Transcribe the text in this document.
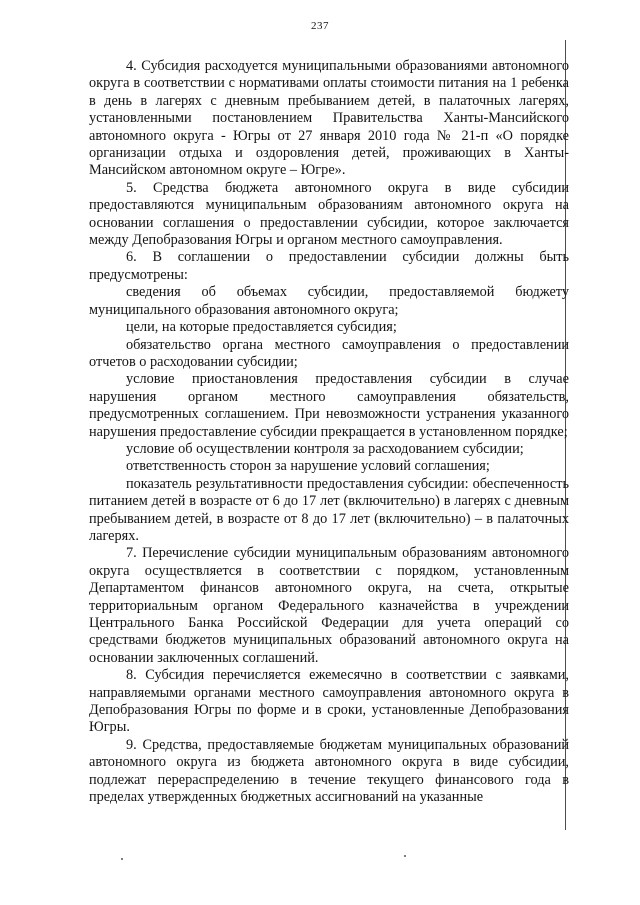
237

4. Субсидия расходуется муниципальными образованиями автономного округа в соответствии с нормативами оплаты стоимости питания на 1 ребенка в день в лагерях с дневным пребыванием детей, в палаточных лагерях, установленными постановлением Правительства Ханты-Мансийского автономного округа - Югры от 27 января 2010 года № 21-п «О порядке организации отдыха и оздоровления детей, проживающих в Ханты-Мансийском автономном округе – Югре».

5. Средства бюджета автономного округа в виде субсидии предоставляются муниципальным образованиям автономного округа на основании соглашения о предоставлении субсидии, которое заключается между Депобразования Югры и органом местного самоуправления.

6. В соглашении о предоставлении субсидии должны быть предусмотрены:

сведения об объемах субсидии, предоставляемой бюджету муниципального образования автономного округа;

цели, на которые предоставляется субсидия;

обязательство органа местного самоуправления о предоставлении отчетов о расходовании субсидии;

условие приостановления предоставления субсидии в случае нарушения органом местного самоуправления обязательств, предусмотренных соглашением. При невозможности устранения указанного нарушения предоставление субсидии прекращается в установленном порядке;

условие об осуществлении контроля за расходованием субсидии;

ответственность сторон за нарушение условий соглашения;

показатель результативности предоставления субсидии: обеспеченность питанием детей в возрасте от 6 до 17 лет (включительно) в лагерях с дневным пребыванием детей, в возрасте от 8 до 17 лет (включительно) – в палаточных лагерях.

7. Перечисление субсидии муниципальным образованиям автономного округа осуществляется в соответствии с порядком, установленным Департаментом финансов автономного округа, на счета, открытые территориальным органом Федерального казначейства в учреждении Центрального Банка Российской Федерации для учета операций со средствами бюджетов муниципальных образований автономного округа на основании заключенных соглашений.

8. Субсидия перечисляется ежемесячно в соответствии с заявками, направляемыми органами местного самоуправления автономного округа в Депобразования Югры по форме и в сроки, установленные Депобразования Югры.

9. Средства, предоставляемые бюджетам муниципальных образований автономного округа из бюджета автономного округа в виде субсидии, подлежат перераспределению в течение текущего финансового года в пределах утвержденных бюджетных ассигнований на указанные
